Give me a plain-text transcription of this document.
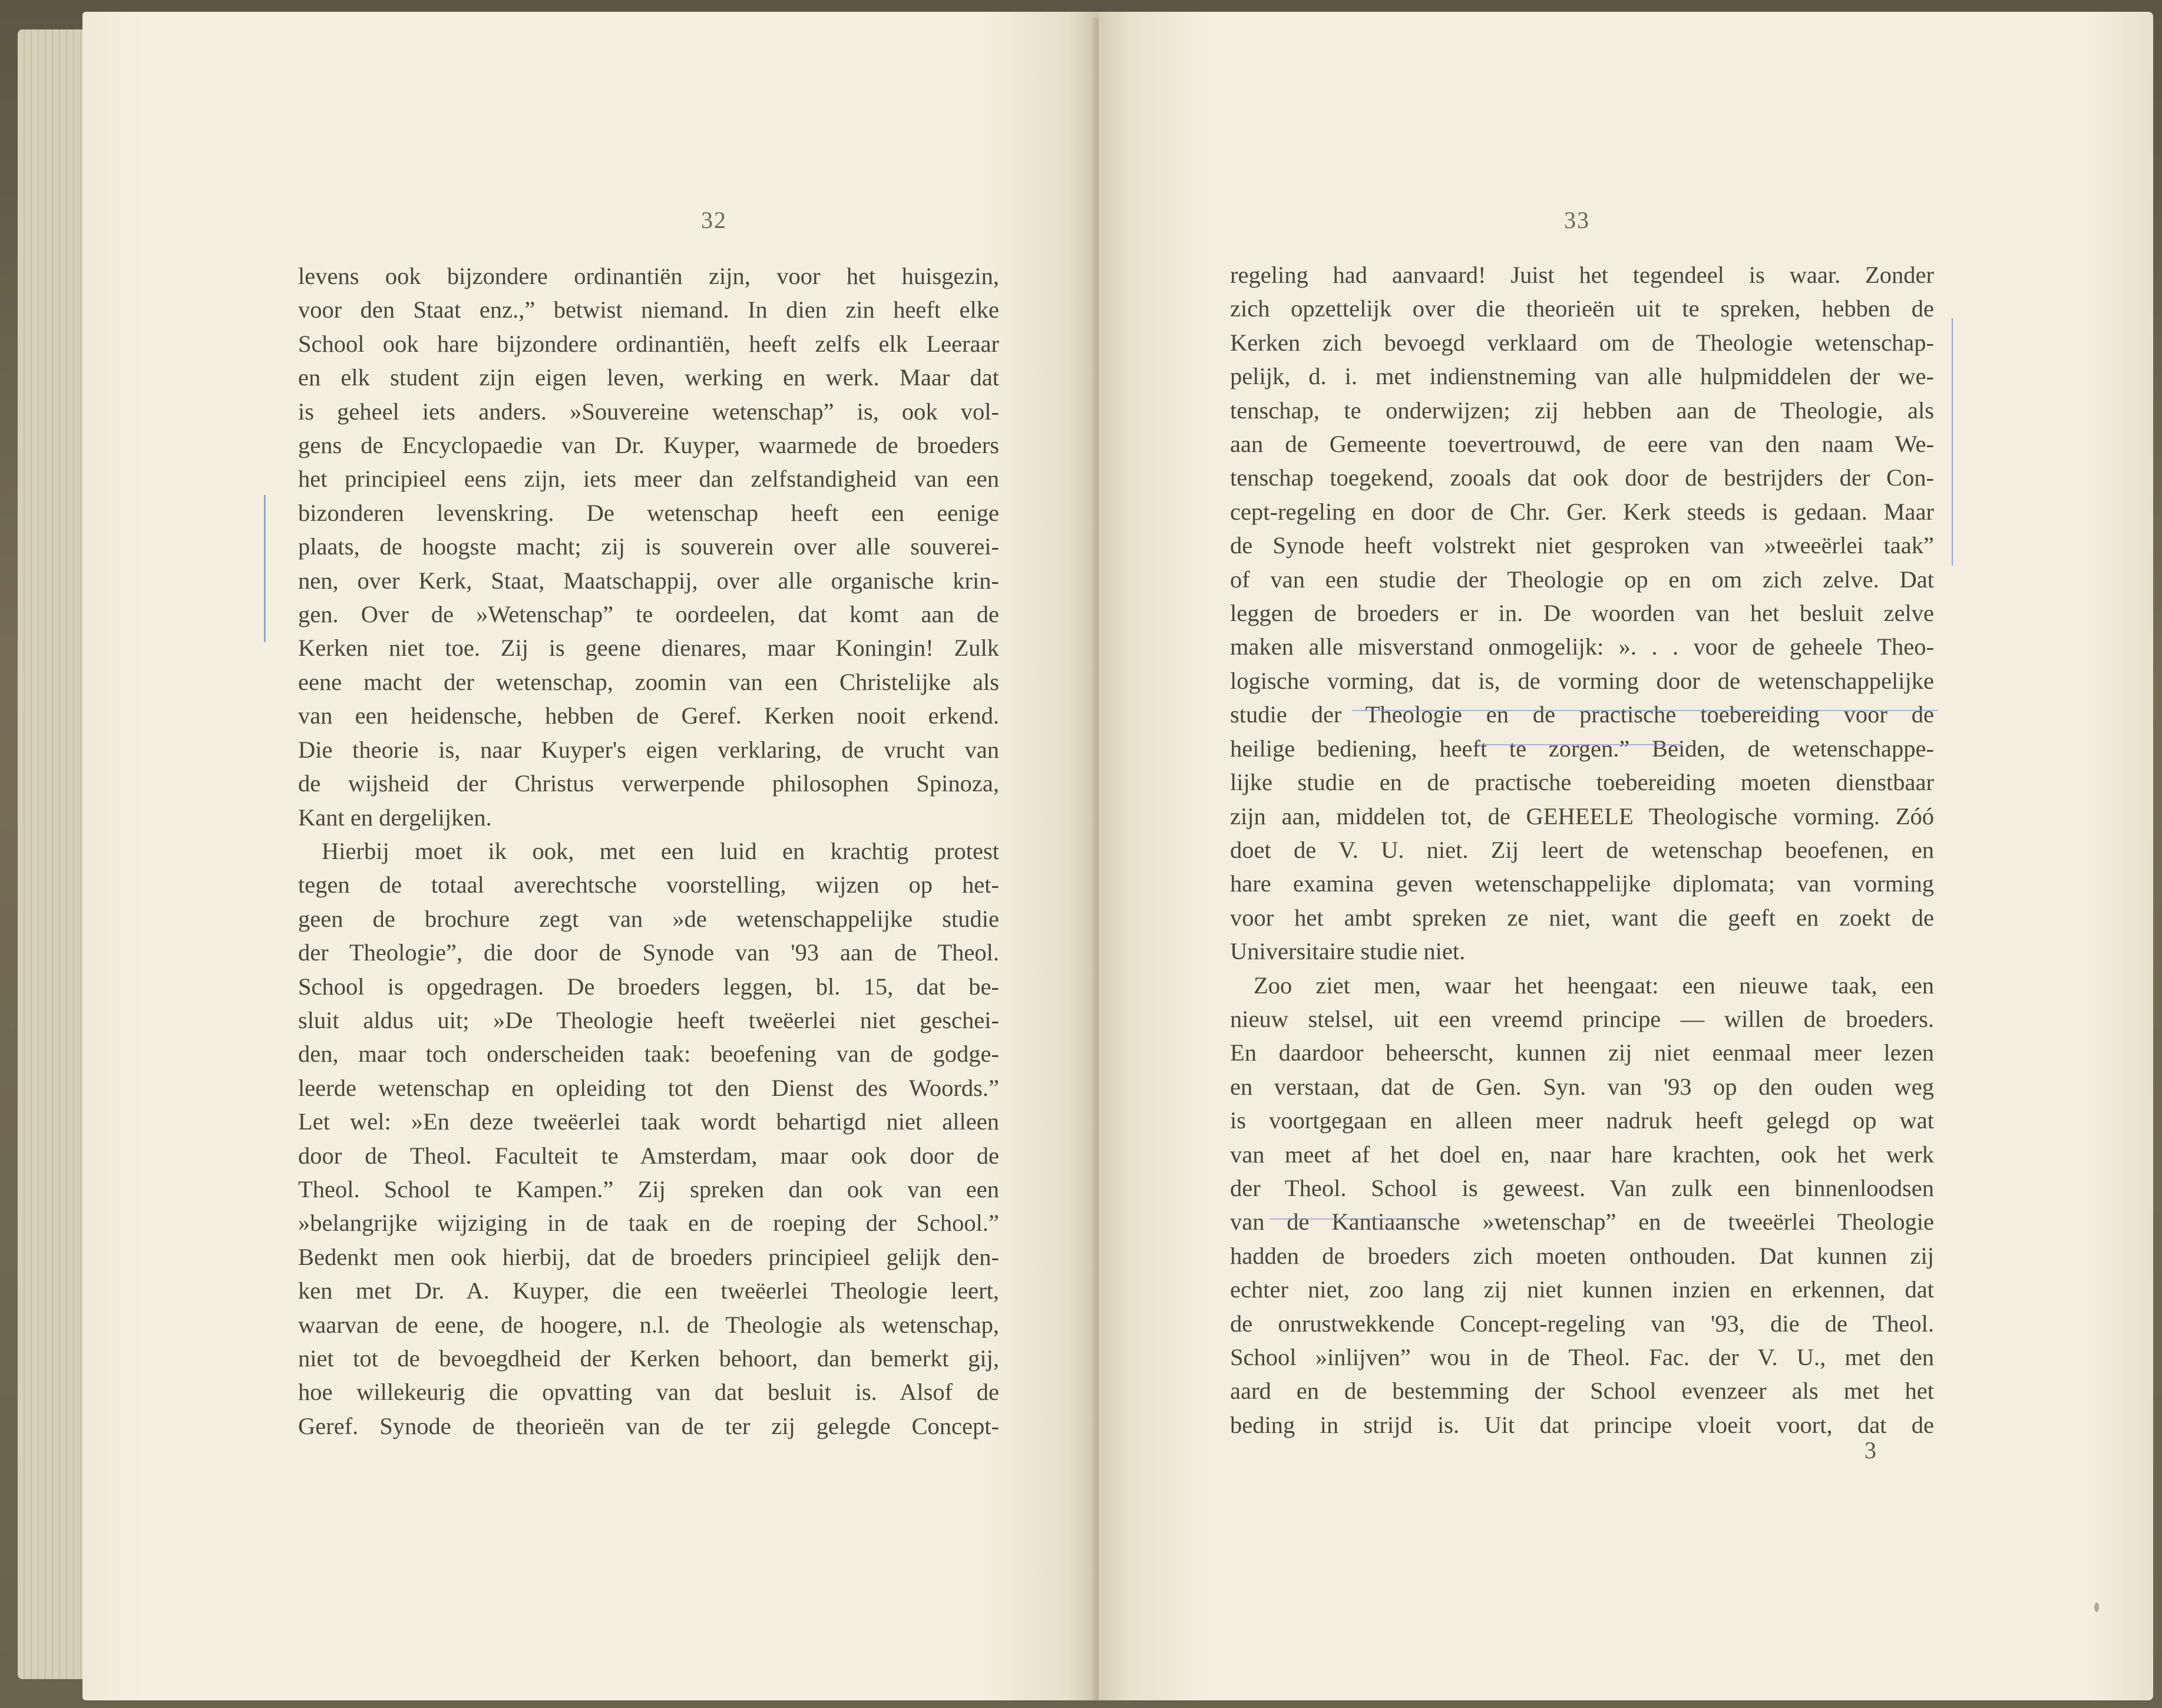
32
levens ook bijzondere ordinantiën zijn, voor het huisgezin,
voor den Staat enz.,” betwist niemand. In dien zin heeft elke
School ook hare bijzondere ordinantiën, heeft zelfs elk Leeraar
en elk student zijn eigen leven, werking en werk. Maar dat
is geheel iets anders. »Souvereine wetenschap” is, ook vol-
gens de Encyclopaedie van Dr. Kuyper, waarmede de broeders
het principieel eens zijn, iets meer dan zelfstandigheid van een
bizonderen levenskring. De wetenschap heeft een eenige
plaats, de hoogste macht; zij is souverein over alle souverei-
nen, over Kerk, Staat, Maatschappij, over alle organische krin-
gen. Over de »Wetenschap” te oordeelen, dat komt aan de
Kerken niet toe. Zij is geene dienares, maar Koningin! Zulk
eene macht der wetenschap, zoomin van een Christelijke als
van een heidensche, hebben de Geref. Kerken nooit erkend.
Die theorie is, naar Kuyper's eigen verklaring, de vrucht van
de wijsheid der Christus verwerpende philosophen Spinoza,
Kant en dergelijken.
Hierbij moet ik ook, met een luid en krachtig protest
tegen de totaal averechtsche voorstelling, wijzen op het-
geen de brochure zegt van »de wetenschappelijke studie
der Theologie”, die door de Synode van '93 aan de Theol.
School is opgedragen. De broeders leggen, bl. 15, dat be-
sluit aldus uit; »De Theologie heeft tweëerlei niet geschei-
den, maar toch onderscheiden taak: beoefening van de godge-
leerde wetenschap en opleiding tot den Dienst des Woords.”
Let wel: »En deze tweëerlei taak wordt behartigd niet alleen
door de Theol. Faculteit te Amsterdam, maar ook door de
Theol. School te Kampen.” Zij spreken dan ook van een
»belangrijke wijziging in de taak en de roeping der School.”
Bedenkt men ook hierbij, dat de broeders principieel gelijk den-
ken met Dr. A. Kuyper, die een tweëerlei Theologie leert,
waarvan de eene, de hoogere, n.l. de Theologie als wetenschap,
niet tot de bevoegdheid der Kerken behoort, dan bemerkt gij,
hoe willekeurig die opvatting van dat besluit is. Alsof de
Geref. Synode de theorieën van de ter zij gelegde Concept-
33
regeling had aanvaard! Juist het tegendeel is waar. Zonder
zich opzettelijk over die theorieën uit te spreken, hebben de
Kerken zich bevoegd verklaard om de Theologie wetenschap-
pelijk, d. i. met indienstneming van alle hulpmiddelen der we-
tenschap, te onderwijzen; zij hebben aan de Theologie, als
aan de Gemeente toevertrouwd, de eere van den naam We-
tenschap toegekend, zooals dat ook door de bestrijders der Con-
cept-regeling en door de Chr. Ger. Kerk steeds is gedaan. Maar
de Synode heeft volstrekt niet gesproken van »tweeërlei taak”
of van een studie der Theologie op en om zich zelve. Dat
leggen de broeders er in. De woorden van het besluit zelve
maken alle misverstand onmogelijk: ». . . voor de geheele Theo-
logische vorming, dat is, de vorming door de wetenschappelijke
studie der Theologie en de practische toebereiding voor de
heilige bediening, heeft te zorgen.” Beiden, de wetenschappe-
lijke studie en de practische toebereiding moeten dienstbaar
zijn aan, middelen tot, de GEHEELE Theologische vorming. Zóó
doet de V. U. niet. Zij leert de wetenschap beoefenen, en
hare examina geven wetenschappelijke diplomata; van vorming
voor het ambt spreken ze niet, want die geeft en zoekt de
Universitaire studie niet.
Zoo ziet men, waar het heengaat: een nieuwe taak, een
nieuw stelsel, uit een vreemd principe — willen de broeders.
En daardoor beheerscht, kunnen zij niet eenmaal meer lezen
en verstaan, dat de Gen. Syn. van '93 op den ouden weg
is voortgegaan en alleen meer nadruk heeft gelegd op wat
van meet af het doel en, naar hare krachten, ook het werk
der Theol. School is geweest. Van zulk een binnenloodsen
van de Kantiaansche »wetenschap” en de tweeërlei Theologie
hadden de broeders zich moeten onthouden. Dat kunnen zij
echter niet, zoo lang zij niet kunnen inzien en erkennen, dat
de onrustwekkende Concept-regeling van '93, die de Theol.
School »inlijven” wou in de Theol. Fac. der V. U., met den
aard en de bestemming der School evenzeer als met het
beding in strijd is. Uit dat principe vloeit voort, dat de
3
